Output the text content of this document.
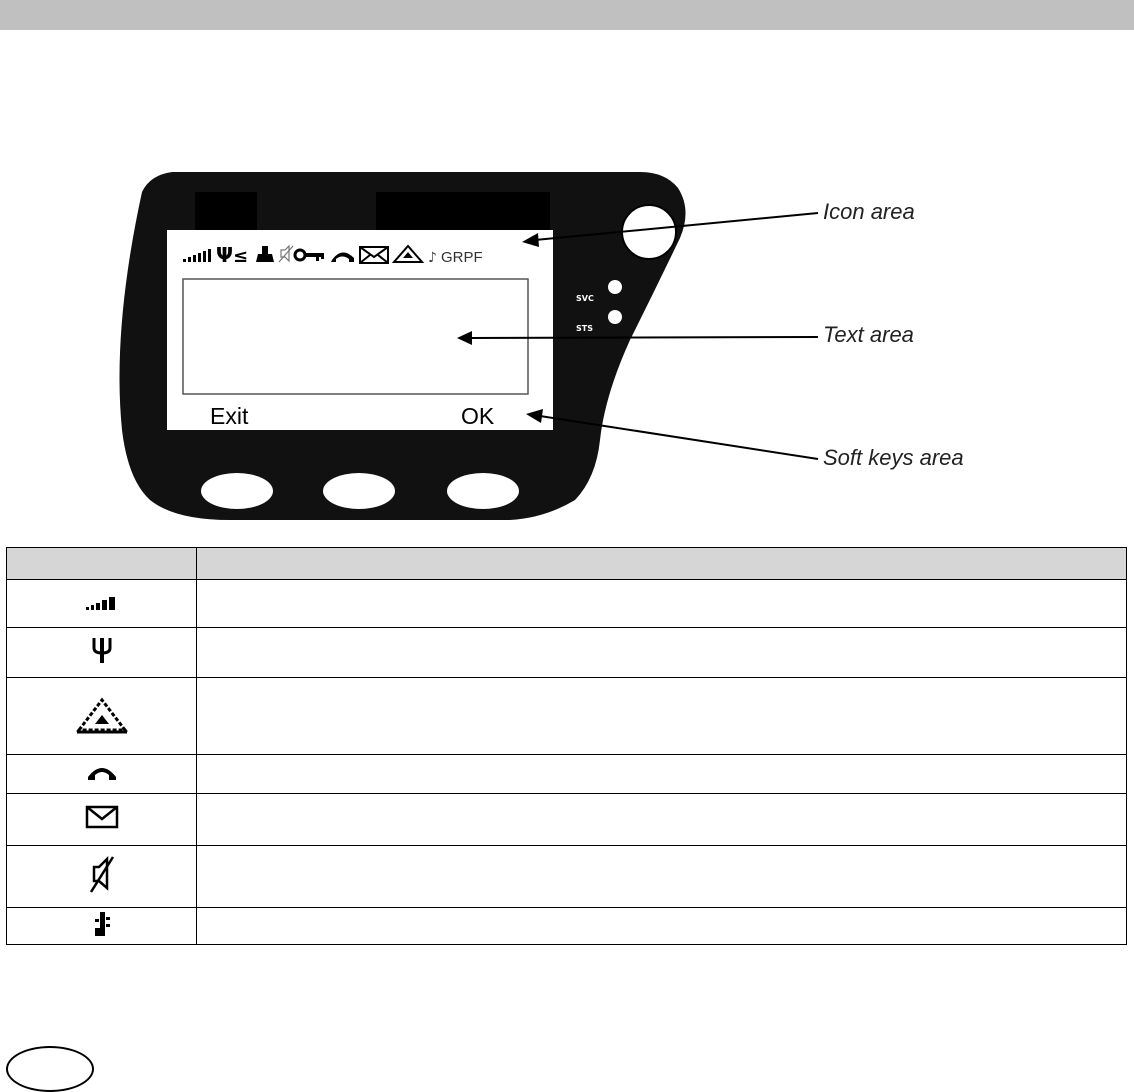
Ψ ≤	♪ GRPF
SVC
STS
Exit	OK
Icon area
Text area
Soft keys area
